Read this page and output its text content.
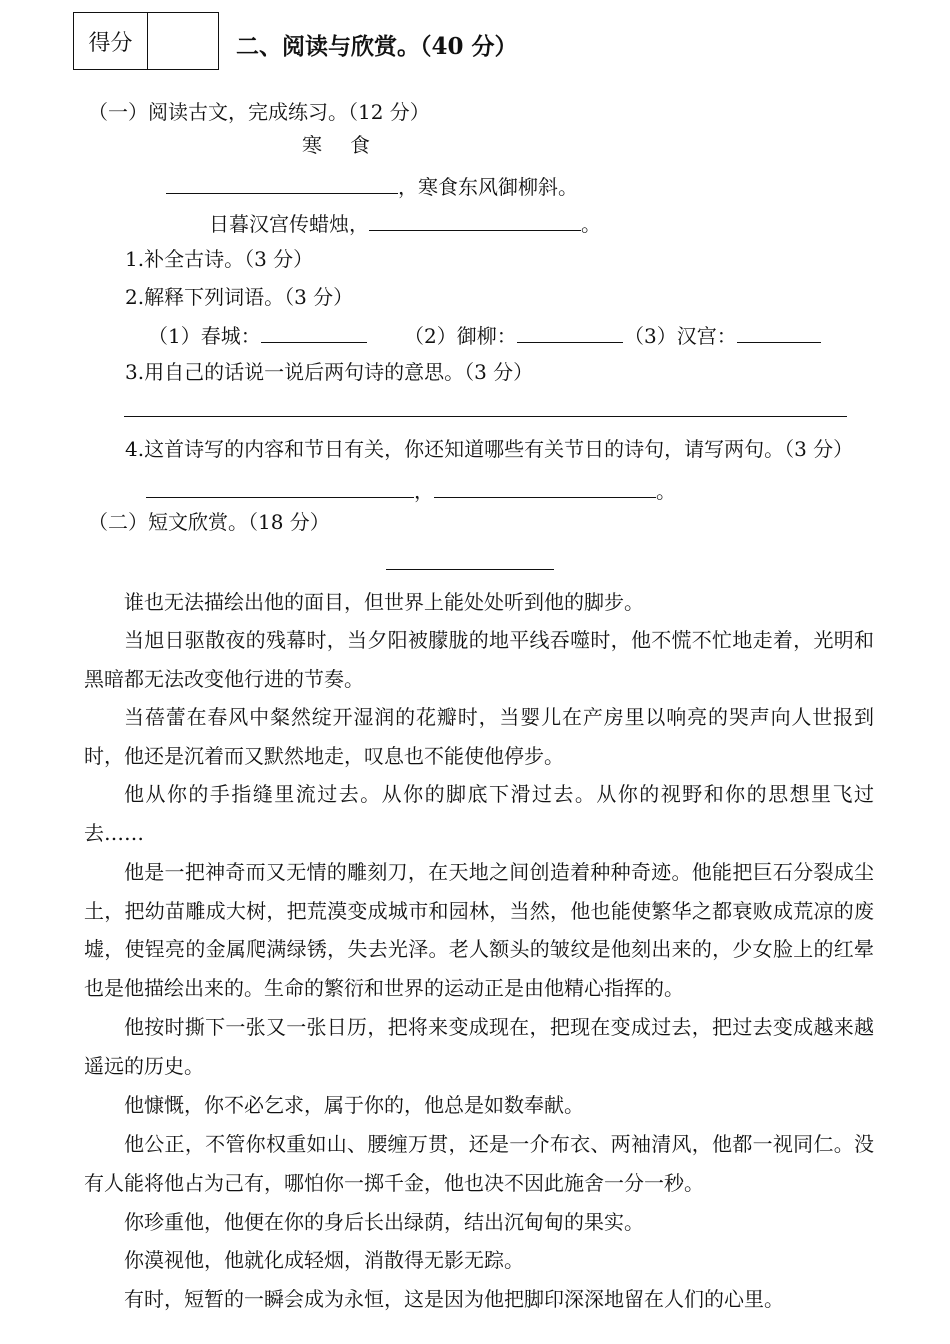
得分	二、阅读与欣赏。（40 分）
（一）阅读古文，完成练习。（12 分）
寒　食
，寒食东风御柳斜。
日暮汉宫传蜡烛，	。
1.补全古诗。（3 分）
2.解释下列词语。（3 分）
（1）春城：	（2）御柳：	（3）汉宫：
3.用自己的话说一说后两句诗的意思。（3 分）
4.这首诗写的内容和节日有关，你还知道哪些有关节日的诗句，请写两句。（3 分）
，	。
（二）短文欣赏。（18 分）
谁也无法描绘出他的面目，但世界上能处处听到他的脚步。
当旭日驱散夜的残幕时，当夕阳被朦胧的地平线吞噬时，他不慌不忙地走着，光明和黑暗都无法改变他行进的节奏。
当蓓蕾在春风中粲然绽开湿润的花瓣时，当婴儿在产房里以响亮的哭声向人世报到时，他还是沉着而又默然地走，叹息也不能使他停步。
他从你的手指缝里流过去。从你的脚底下滑过去。从你的视野和你的思想里飞过去……
他是一把神奇而又无情的雕刻刀，在天地之间创造着种种奇迹。他能把巨石分裂成尘土，把幼苗雕成大树，把荒漠变成城市和园林，当然，他也能使繁华之都衰败成荒凉的废墟，使锃亮的金属爬满绿锈，失去光泽。老人额头的皱纹是他刻出来的，少女脸上的红晕也是他描绘出来的。生命的繁衍和世界的运动正是由他精心指挥的。
他按时撕下一张又一张日历，把将来变成现在，把现在变成过去，把过去变成越来越遥远的历史。
他慷慨，你不必乞求，属于你的，他总是如数奉献。
他公正，不管你权重如山、腰缠万贯，还是一介布衣、两袖清风，他都一视同仁。没有人能将他占为己有，哪怕你一掷千金，他也决不因此施舍一分一秒。
你珍重他，他便在你的身后长出绿荫，结出沉甸甸的果实。
你漠视他，他就化成轻烟，消散得无影无踪。
有时，短暂的一瞬会成为永恒，这是因为他把脚印深深地留在人们的心里。
